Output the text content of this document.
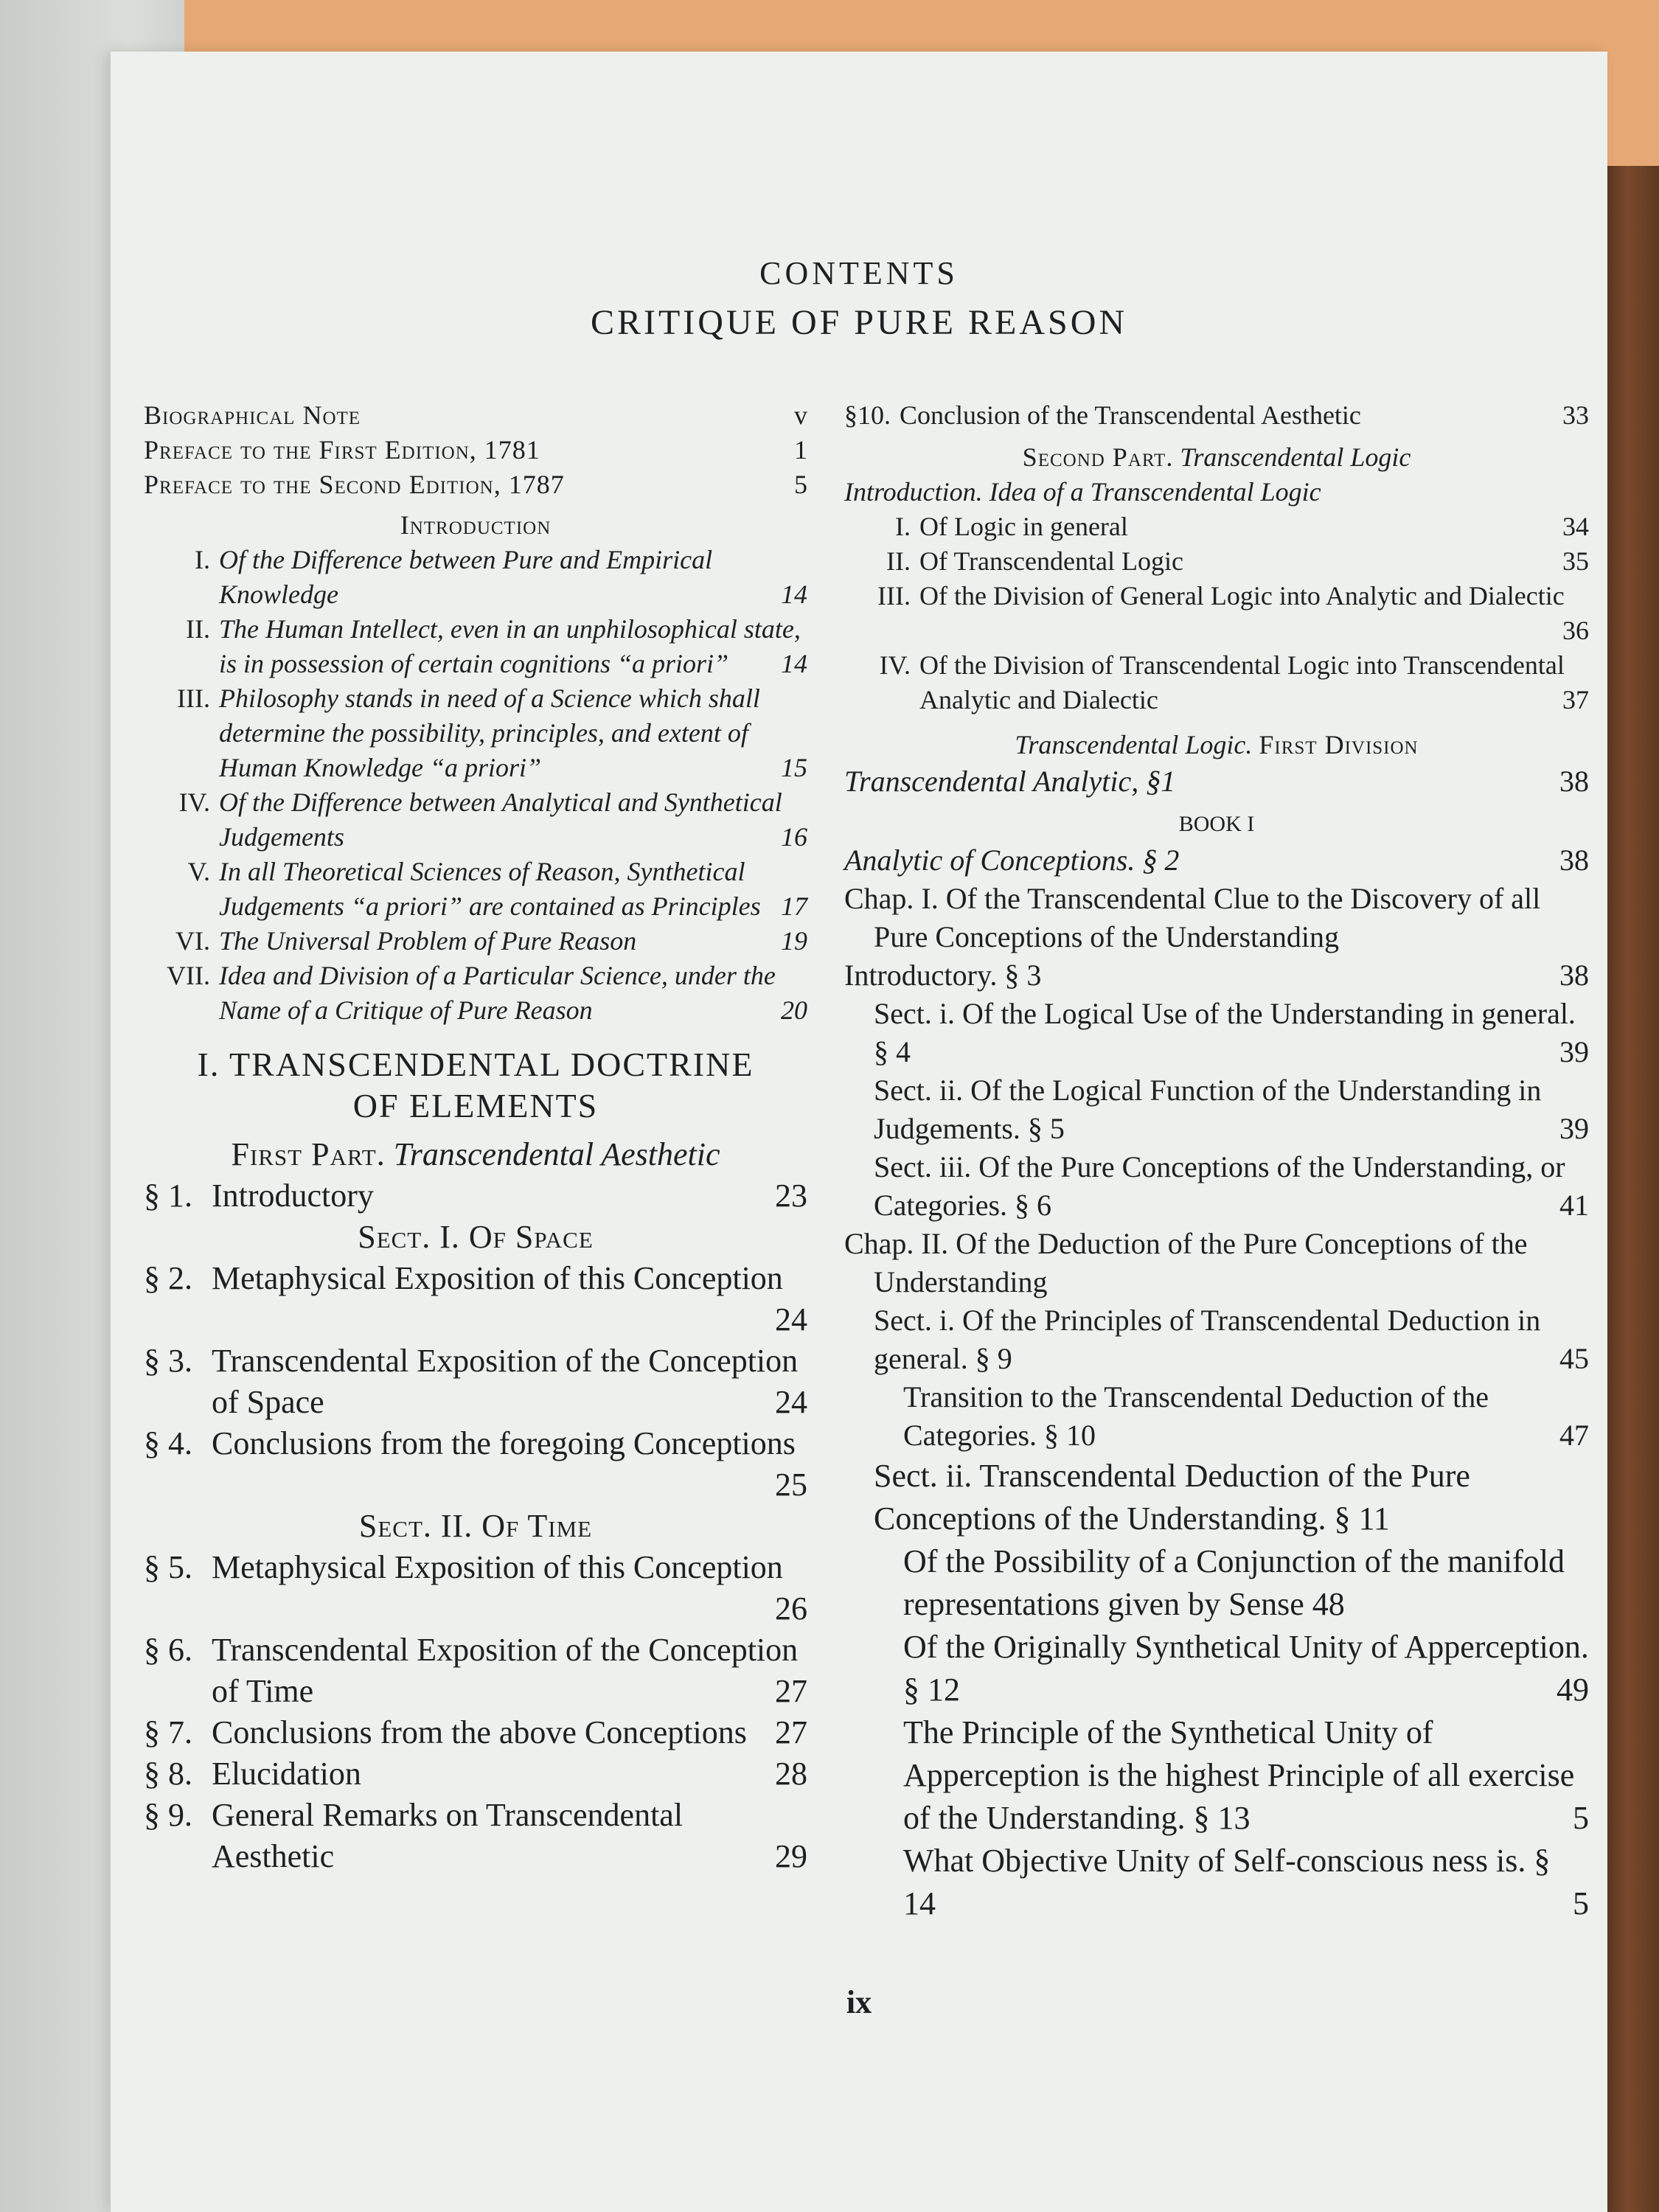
CONTENTS
CRITIQUE OF PURE REASON
Biographical Note	v
Preface to the First Edition, 1781	1
Preface to the Second Edition, 1787	5
Introduction
I. Of the Difference between Pure and Empirical Knowledge	14
II. The Human Intellect, even in an unphilosophical state, is in possession of certain cognitions “a priori” 14
III. Philosophy stands in need of a Science which shall determine the possibility, principles, and extent of Human Knowledge “a priori”	15
IV. Of the Difference between Analytical and Synthetical Judgements	16
V. In all Theoretical Sciences of Reason, Synthetical Judgements “a priori” are contained as Principles 17
VI. The Universal Problem of Pure Reason	19
VII. Idea and Division of a Particular Science, under the Name of a Critique of Pure Reason	20
I. TRANSCENDENTAL DOCTRINE
OF ELEMENTS
First Part. Transcendental Aesthetic
§ 1. Introductory	23
Sect. I. Of Space
§ 2. Metaphysical Exposition of this Conception
24
§ 3. Transcendental Exposition of the Conception of Space	24
§ 4. Conclusions from the foregoing Conceptions
25
Sect. II. Of Time
§ 5. Metaphysical Exposition of this Conception
26
§ 6. Transcendental Exposition of the Conception of Time	27
§ 7. Conclusions from the above Conceptions 27
§ 8. Elucidation	28
§ 9. General Remarks on Transcendental Aesthetic	29
§10. Conclusion of the Transcendental Aesthetic	33
Second Part. Transcendental Logic
Introduction. Idea of a Transcendental Logic
I. Of Logic in general	34
II. Of Transcendental Logic	35
III. Of the Division of General Logic into Analytic and Dialectic
36
IV. Of the Division of Transcendental Logic into Transcendental Analytic and Dialectic	37
Transcendental Logic. First Division
Transcendental Analytic, §1	38
BOOK I
Analytic of Conceptions. § 2	38
Chap. I. Of the Transcendental Clue to the Discovery of all Pure Conceptions of the Understanding
Introductory. § 3	38
Sect. i. Of the Logical Use of the Understanding in general. § 4	39
Sect. ii. Of the Logical Function of the Understanding in Judgements. § 5	39
Sect. iii. Of the Pure Conceptions of the Understanding, or Categories. § 6	41
Chap. II. Of the Deduction of the Pure Conceptions of the Understanding
Sect. i. Of the Principles of Transcendental Deduction in general. § 9	45
Transition to the Transcendental Deduction of the Categories. § 10	47
Sect. ii. Transcendental Deduction of the Pure Conceptions of the Understanding. § 11
Of the Possibility of a Conjunction of the manifold representations given by Sense 48
Of the Originally Synthetical Unity of Apperception. § 12	49
The Principle of the Synthetical Unity of Apperception is the highest Principle of all exercise of the Understanding. § 13	5
What Objective Unity of Self-conscious ness is. § 14	5
ix
